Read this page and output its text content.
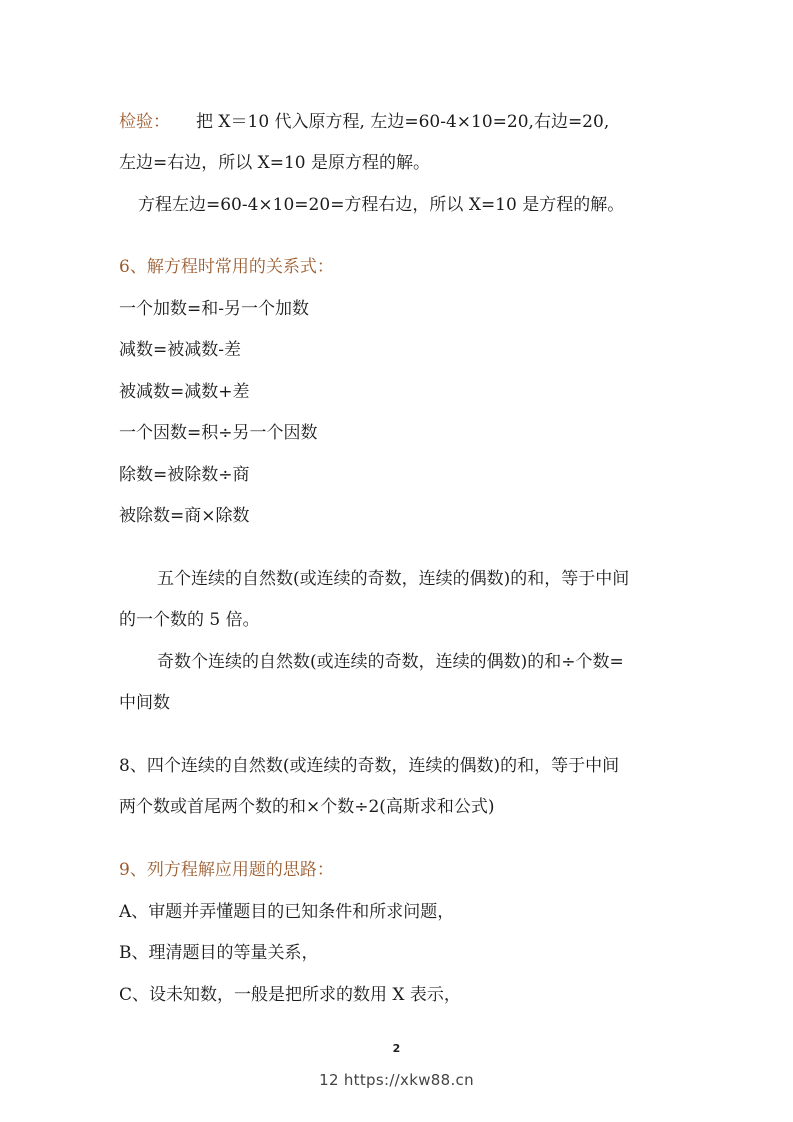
检验： 把 X＝10 代入原方程, 左边=60-4×10=20,右边=20,
左边=右边，所以 X=10 是原方程的解。
方程左边=60-4×10=20=方程右边，所以 X=10 是方程的解。
6、解方程时常用的关系式：
一个加数=和-另一个加数
减数=被减数-差
被减数=减数+差
一个因数=积÷另一个因数
除数=被除数÷商
被除数=商×除数
五个连续的自然数(或连续的奇数，连续的偶数)的和，等于中间
的一个数的 5 倍。
奇数个连续的自然数(或连续的奇数，连续的偶数)的和÷个数=
中间数
8、四个连续的自然数(或连续的奇数，连续的偶数)的和，等于中间
两个数或首尾两个数的和×个数÷2(高斯求和公式)
9、列方程解应用题的思路：
A、审题并弄懂题目的已知条件和所求问题，
B、理清题目的等量关系，
C、设未知数，一般是把所求的数用 X 表示，
2
12 https://xkw88.cn
